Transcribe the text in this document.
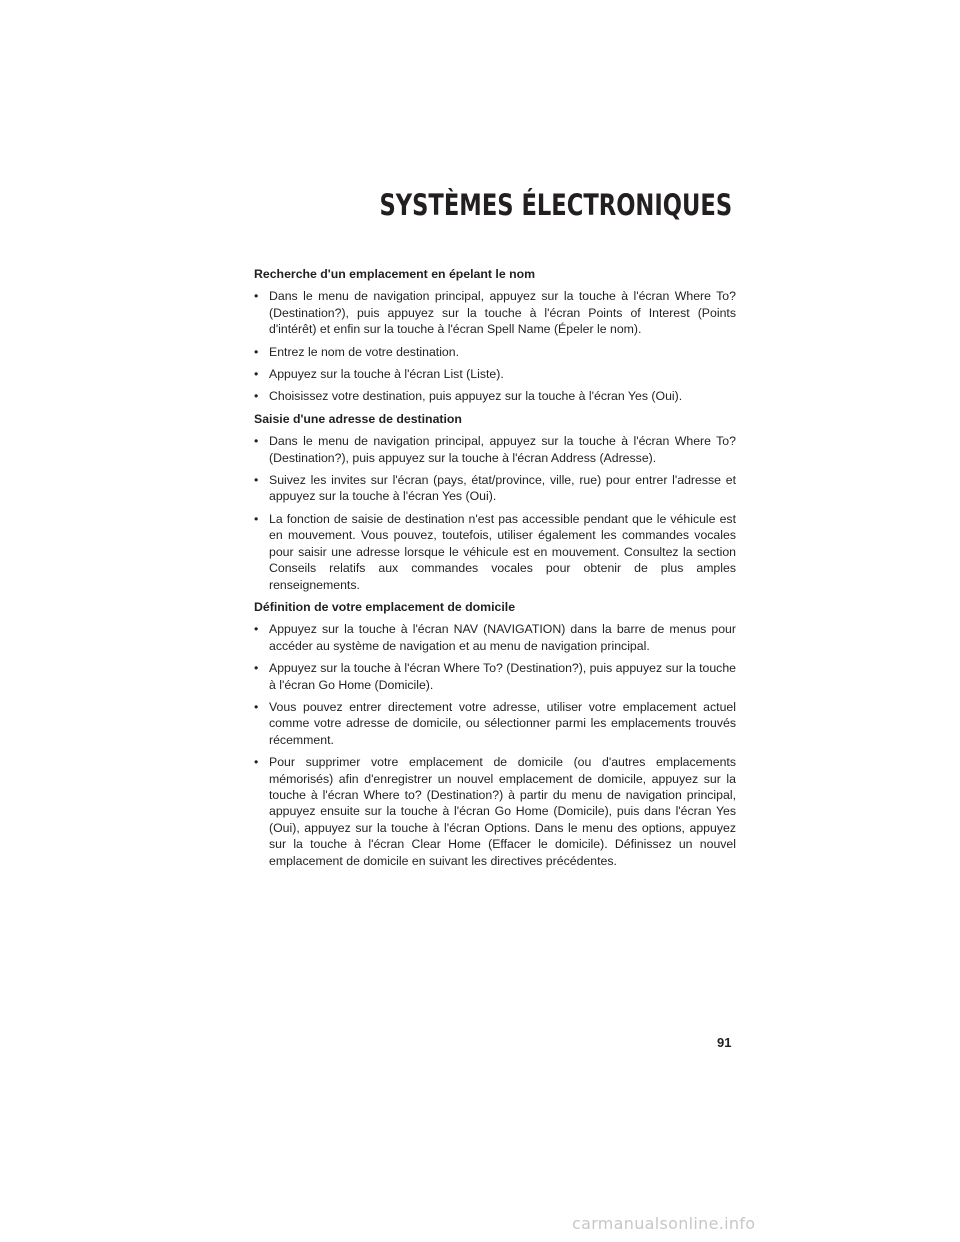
SYSTÈMES ÉLECTRONIQUES
Recherche d'un emplacement en épelant le nom
• Dans le menu de navigation principal, appuyez sur la touche à l'écran Where To? (Destination?), puis appuyez sur la touche à l'écran Points of Interest (Points d'intérêt) et enfin sur la touche à l'écran Spell Name (Épeler le nom).
• Entrez le nom de votre destination.
• Appuyez sur la touche à l'écran List (Liste).
• Choisissez votre destination, puis appuyez sur la touche à l'écran Yes (Oui).
Saisie d'une adresse de destination
• Dans le menu de navigation principal, appuyez sur la touche à l'écran Where To? (Destination?), puis appuyez sur la touche à l'écran Address (Adresse).
• Suivez les invites sur l'écran (pays, état/province, ville, rue) pour entrer l'adresse et appuyez sur la touche à l'écran Yes (Oui).
• La fonction de saisie de destination n'est pas accessible pendant que le véhicule est en mouvement. Vous pouvez, toutefois, utiliser également les commandes vocales pour saisir une adresse lorsque le véhicule est en mouvement. Consultez la section Conseils relatifs aux commandes vocales pour obtenir de plus amples renseignements.
Définition de votre emplacement de domicile
• Appuyez sur la touche à l'écran NAV (NAVIGATION) dans la barre de menus pour accéder au système de navigation et au menu de navigation principal.
• Appuyez sur la touche à l'écran Where To? (Destination?), puis appuyez sur la touche à l'écran Go Home (Domicile).
• Vous pouvez entrer directement votre adresse, utiliser votre emplacement actuel comme votre adresse de domicile, ou sélectionner parmi les emplacements trouvés récemment.
• Pour supprimer votre emplacement de domicile (ou d'autres emplacements mémorisés) afin d'enregistrer un nouvel emplacement de domicile, appuyez sur la touche à l'écran Where to? (Destination?) à partir du menu de navigation principal, appuyez ensuite sur la touche à l'écran Go Home (Domicile), puis dans l'écran Yes (Oui), appuyez sur la touche à l'écran Options. Dans le menu des options, appuyez sur la touche à l'écran Clear Home (Effacer le domicile). Définissez un nouvel emplacement de domicile en suivant les directives précédentes.
91
carmanualsonline.info
